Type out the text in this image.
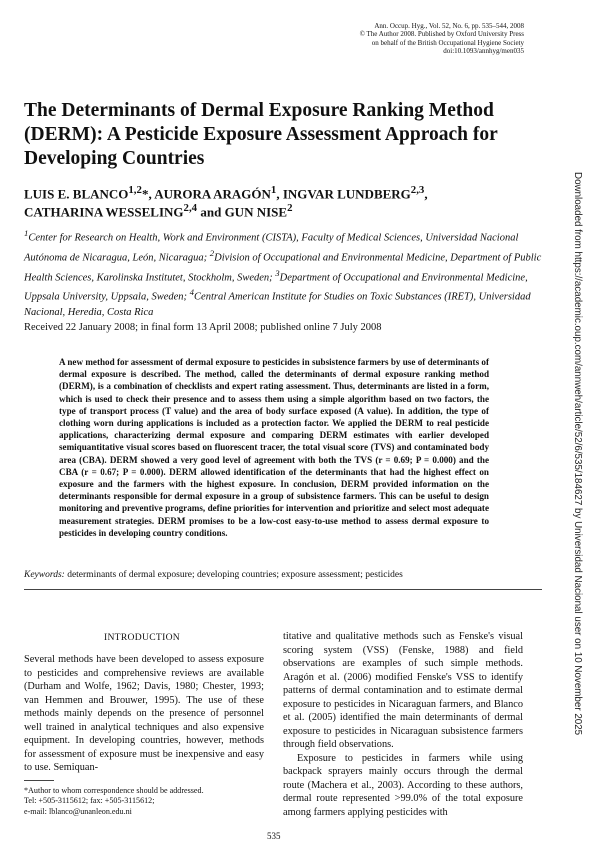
Ann. Occup. Hyg., Vol. 52, No. 6, pp. 535–544, 2008
© The Author 2008. Published by Oxford University Press
on behalf of the British Occupational Hygiene Society
doi:10.1093/annhyg/men035
The Determinants of Dermal Exposure Ranking Method (DERM): A Pesticide Exposure Assessment Approach for Developing Countries
LUIS E. BLANCO$^{1,2}$*, AURORA ARAGÓN$^1$, INGVAR LUNDBERG$^{2,3}$,
CATHARINA WESSELING$^{2,4}$ and GUN NISE$^2$
$^1$Center for Research on Health, Work and Environment (CISTA), Faculty of Medical Sciences, Universidad Nacional Autónoma de Nicaragua, León, Nicaragua; $^2$Division of Occupational and Environmental Medicine, Department of Public Health Sciences, Karolinska Institutet, Stockholm, Sweden; $^3$Department of Occupational and Environmental Medicine, Uppsala University, Uppsala, Sweden; $^4$Central American Institute for Studies on Toxic Substances (IRET), Universidad Nacional, Heredia, Costa Rica
Received 22 January 2008; in final form 13 April 2008; published online 7 July 2008
A new method for assessment of dermal exposure to pesticides in subsistence farmers by use of determinants of dermal exposure is described. The method, called the determinants of dermal exposure ranking method (DERM), is a combination of checklists and expert rating assessment. Thus, determinants are listed in a form, which is used to check their presence and to assess them using a simple algorithm based on two factors, the type of transport process (T value) and the area of body surface exposed (A value). In addition, the type of clothing worn during applications is included as a protection factor. We applied the DERM to real pesticide applications, characterizing dermal exposure and comparing DERM estimates with earlier developed semiquantitative visual scores based on fluorescent tracer, the total visual score (TVS) and contaminated body area (CBA). DERM showed a very good level of agreement with both the TVS (r = 0.69; P = 0.000) and the CBA (r = 0.67; P = 0.000). DERM allowed identification of the determinants that had the highest effect on exposure and the farmers with the highest exposure. In conclusion, DERM provided information on the determinants responsible for dermal exposure in a group of subsistence farmers. This can be useful to design monitoring and preventive programs, define priorities for intervention and prioritize and select most adequate measurement strategies. DERM promises to be a low-cost easy-to-use method to assess dermal exposure to pesticides in developing country conditions.
Keywords: determinants of dermal exposure; developing countries; exposure assessment; pesticides
INTRODUCTION
Several methods have been developed to assess exposure to pesticides and comprehensive reviews are available (Durham and Wolfe, 1962; Davis, 1980; Chester, 1993; van Hemmen and Brouwer, 1995). The use of these methods mainly depends on the presence of personnel well trained in analytical techniques and also expensive equipment. In developing countries, however, methods for assessment of exposure must be inexpensive and easy to use. Semiquan-
titative and qualitative methods such as Fenske's visual scoring system (VSS) (Fenske, 1988) and field observations are examples of such simple methods. Aragón et al. (2006) modified Fenske's VSS to identify patterns of dermal contamination and to estimate dermal exposure to pesticides in Nicaraguan farmers, and Blanco et al. (2005) identified the main determinants of dermal exposure to pesticides in Nicaraguan subsistence farmers through field observations.
Exposure to pesticides in farmers while using backpack sprayers mainly occurs through the dermal route (Machera et al., 2003). According to these authors, dermal route represented >99.0% of the total exposure among farmers applying pesticides with
*Author to whom correspondence should be addressed.
Tel: +505-3115612; fax: +505-3115612;
e-mail: lblanco@unanleon.edu.ni
535
Downloaded from https://academic.oup.com/annweh/article/52/6/535/184627 by Universidad Nacional user on 10 November 2025
